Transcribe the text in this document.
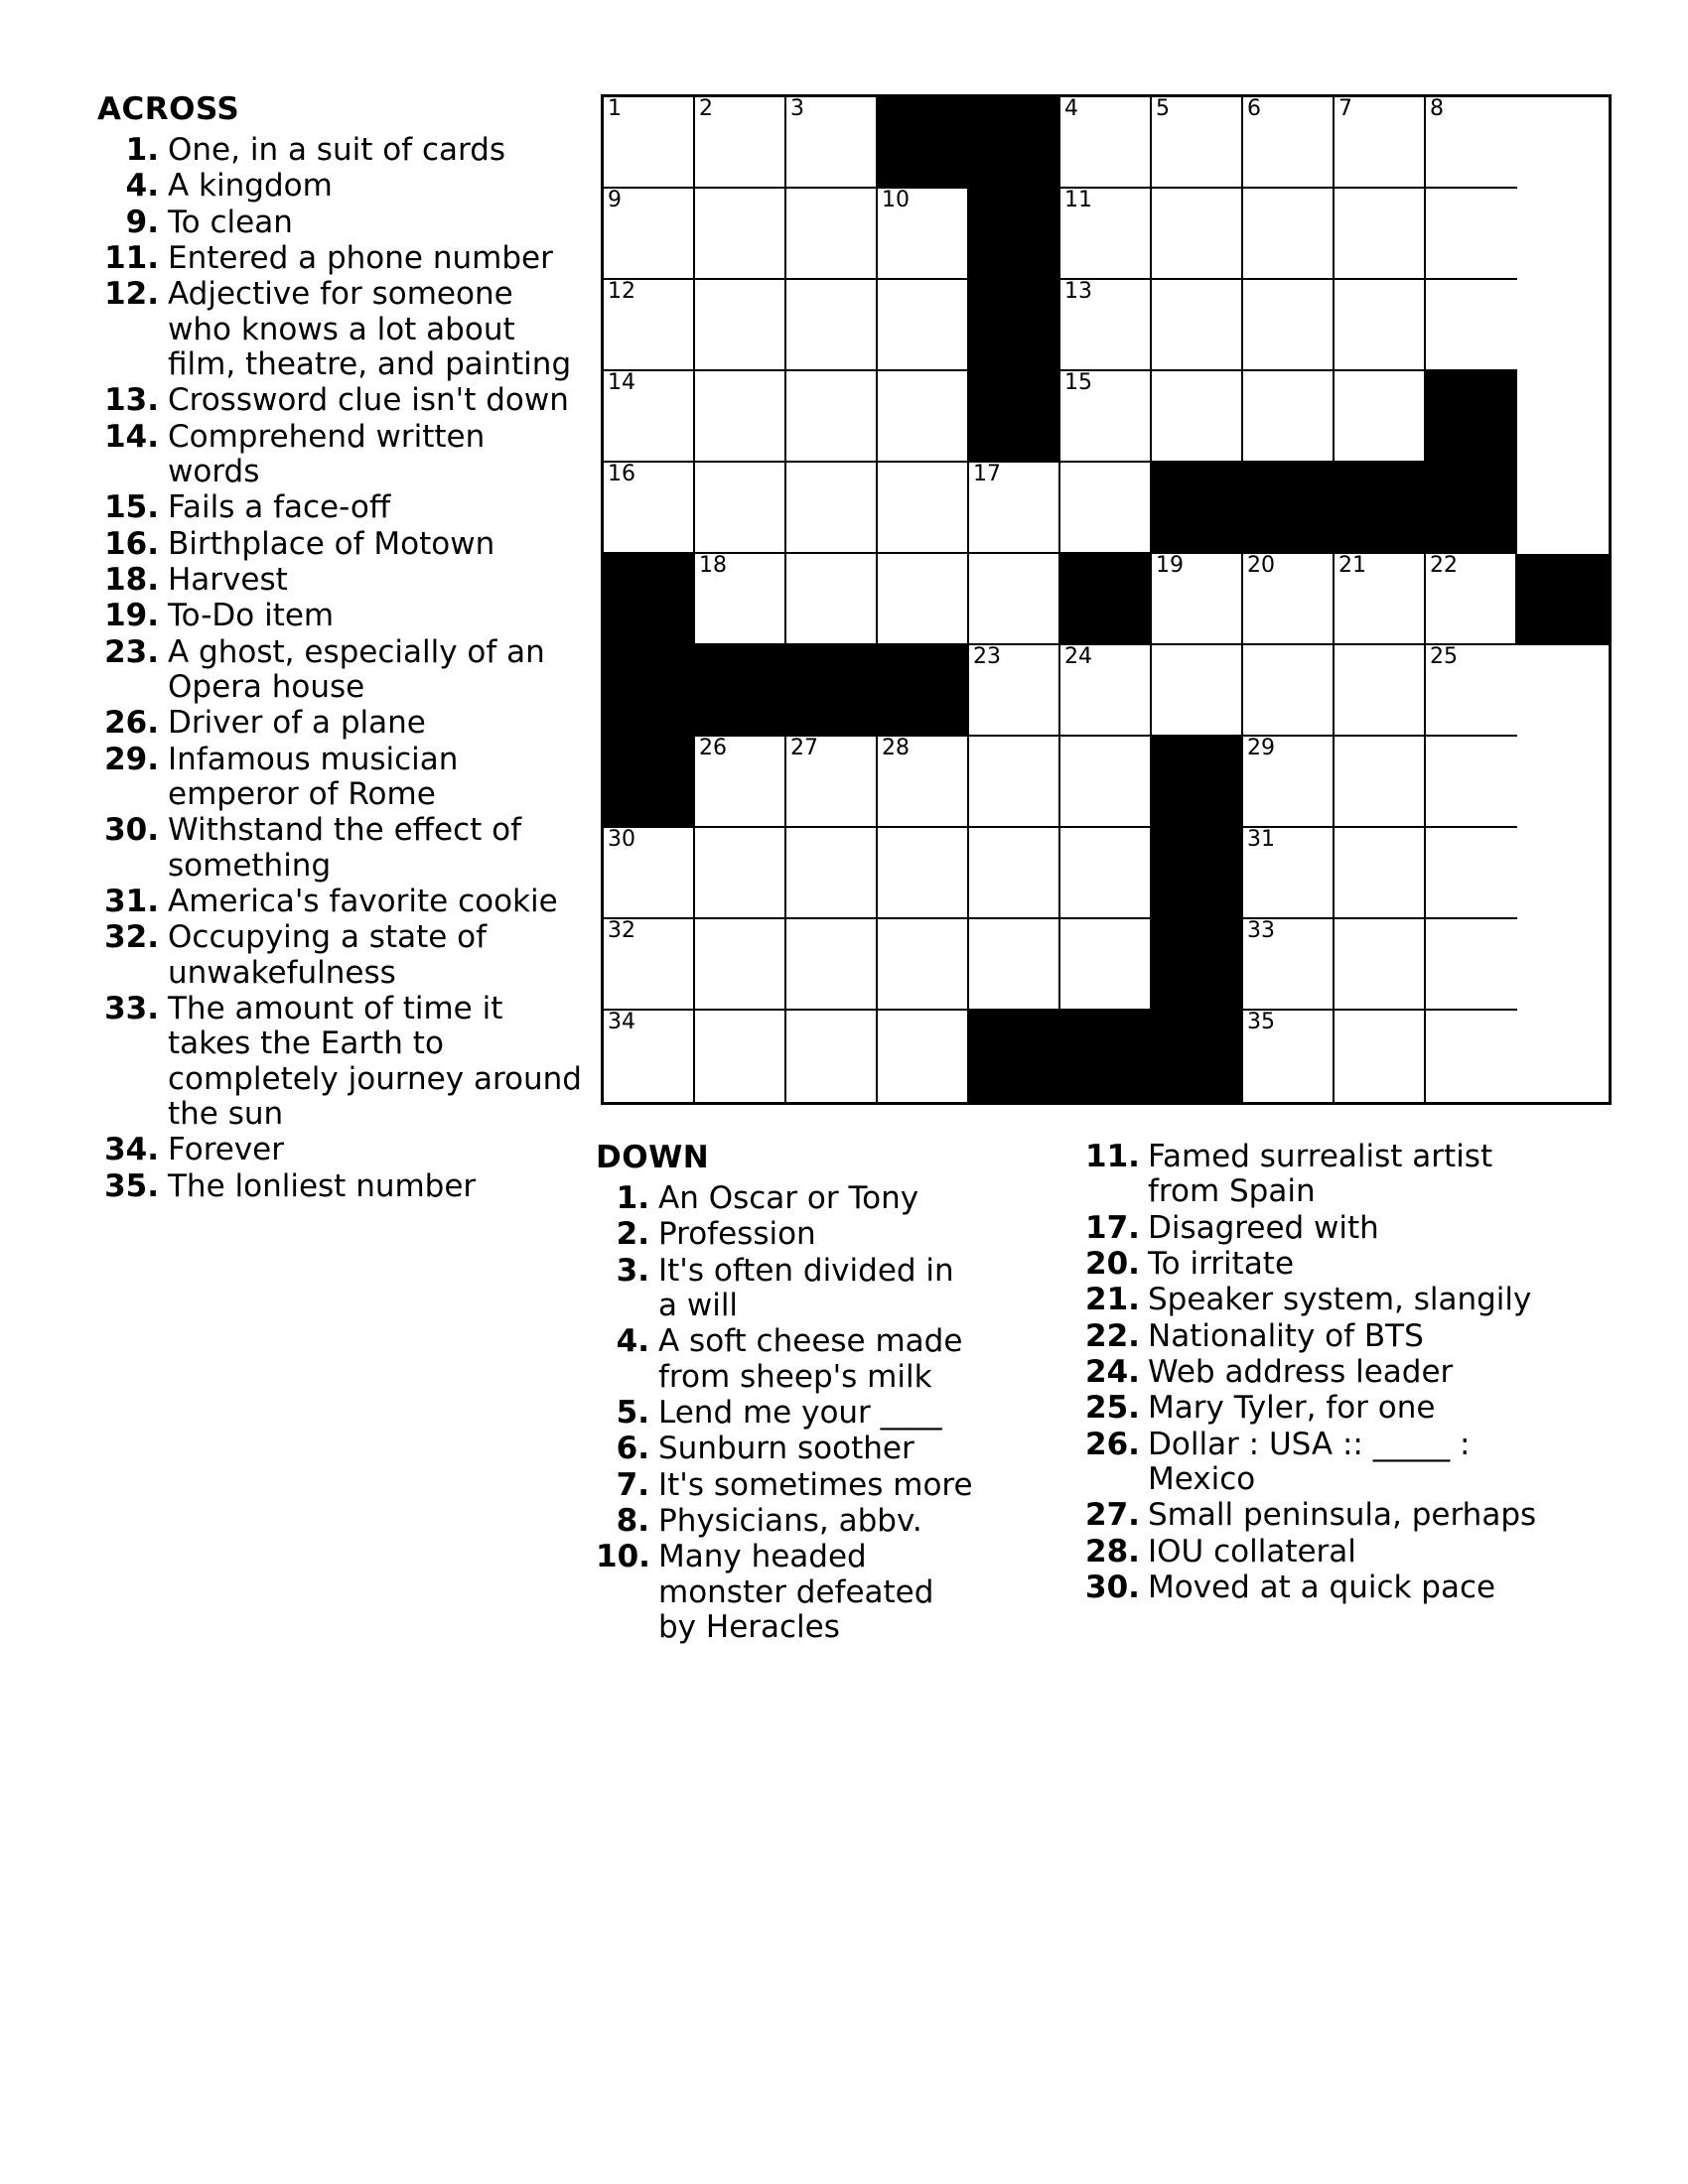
ACROSS
1. One, in a suit of cards
4. A kingdom
9. To clean
11. Entered a phone number
12. Adjective for someone who knows a lot about film, theatre, and painting
13. Crossword clue isn't down
14. Comprehend written words
15. Fails a face-off
16. Birthplace of Motown
18. Harvest
19. To-Do item
23. A ghost, especially of an Opera house
26. Driver of a plane
29. Infamous musician emperor of Rome
30. Withstand the effect of something
31. America's favorite cookie
32. Occupying a state of unwakefulness
33. The amount of time it takes the Earth to completely journey around the sun
34. Forever
35. The lonliest number
DOWN
1. An Oscar or Tony
2. Profession
3. It's often divided in a will
4. A soft cheese made from sheep's milk
5. Lend me your ____
6. Sunburn soother
7. It's sometimes more
8. Physicians, abbv.
10. Many headed monster defeated by Heracles
11. Famed surrealist artist from Spain
17. Disagreed with
20. To irritate
21. Speaker system, slangily
22. Nationality of BTS
24. Web address leader
25. Mary Tyler, for one
26. Dollar : USA :: _____ : Mexico
27. Small peninsula, perhaps
28. IOU collateral
30. Moved at a quick pace
1	2	3	4	5	6	7	8
9	10	11
12	13
14	15
16	17
18	19	20	21	22
23	24	25
26	27	28	29
30	31
32	33
34	35
